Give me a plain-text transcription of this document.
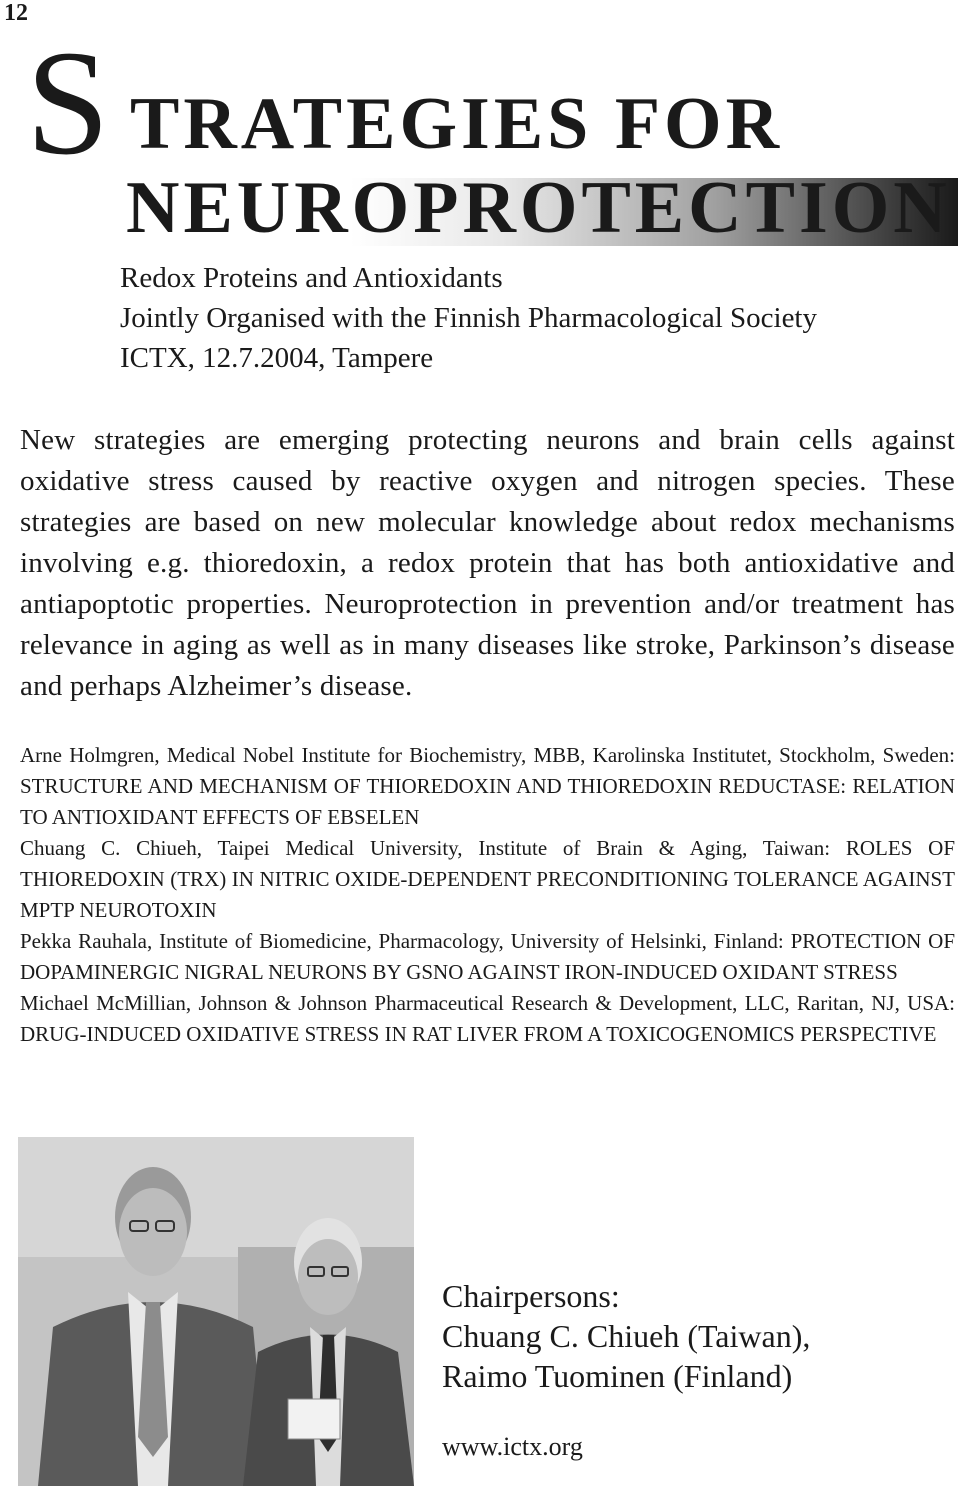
12
S TRATEGIES FOR
NEUROPROTECTION
Redox Proteins and Antioxidants
Jointly Organised with the Finnish Pharmacological Society
ICTX, 12.7.2004, Tampere
New strategies are emerging protecting neurons and brain cells against oxidative stress caused by reactive oxygen and nitrogen species. These strategies are based on new molecular knowledge about redox mechanisms involving e.g. thioredoxin, a redox protein that has both antioxidative and antiapoptotic properties. Neuroprotection in prevention and/or treatment has relevance in aging as well as in many diseases like stroke, Parkinson’s disease and perhaps Alzheimer’s disease.

Arne Holmgren, Medical Nobel Institute for Biochemistry, MBB, Karolinska Institutet, Stockholm, Sweden: STRUCTURE AND MECHANISM OF THIOREDOXIN AND THIOREDOXIN REDUCTASE: RELATION TO ANTIOXIDANT EFFECTS OF EBSELEN

Chuang C. Chiueh, Taipei Medical University, Institute of Brain & Aging, Taiwan: ROLES OF THIOREDOXIN (TRX) IN NITRIC OXIDE-DEPENDENT PRECONDITIONING TOLERANCE AGAINST MPTP NEUROTOXIN

Pekka Rauhala, Institute of Biomedicine, Pharmacology, University of Helsinki, Finland: PROTECTION OF DOPAMINERGIC NIGRAL NEURONS BY GSNO AGAINST IRON-INDUCED OXIDANT STRESS

Michael McMillian, Johnson & Johnson Pharmaceutical Research & Development, LLC, Raritan, NJ, USA: DRUG-INDUCED OXIDATIVE STRESS IN RAT LIVER FROM A TOXICOGENOMICS PERSPECTIVE

Chairpersons:
Chuang C. Chiueh (Taiwan),
Raimo Tuominen (Finland)
www.ictx.org
